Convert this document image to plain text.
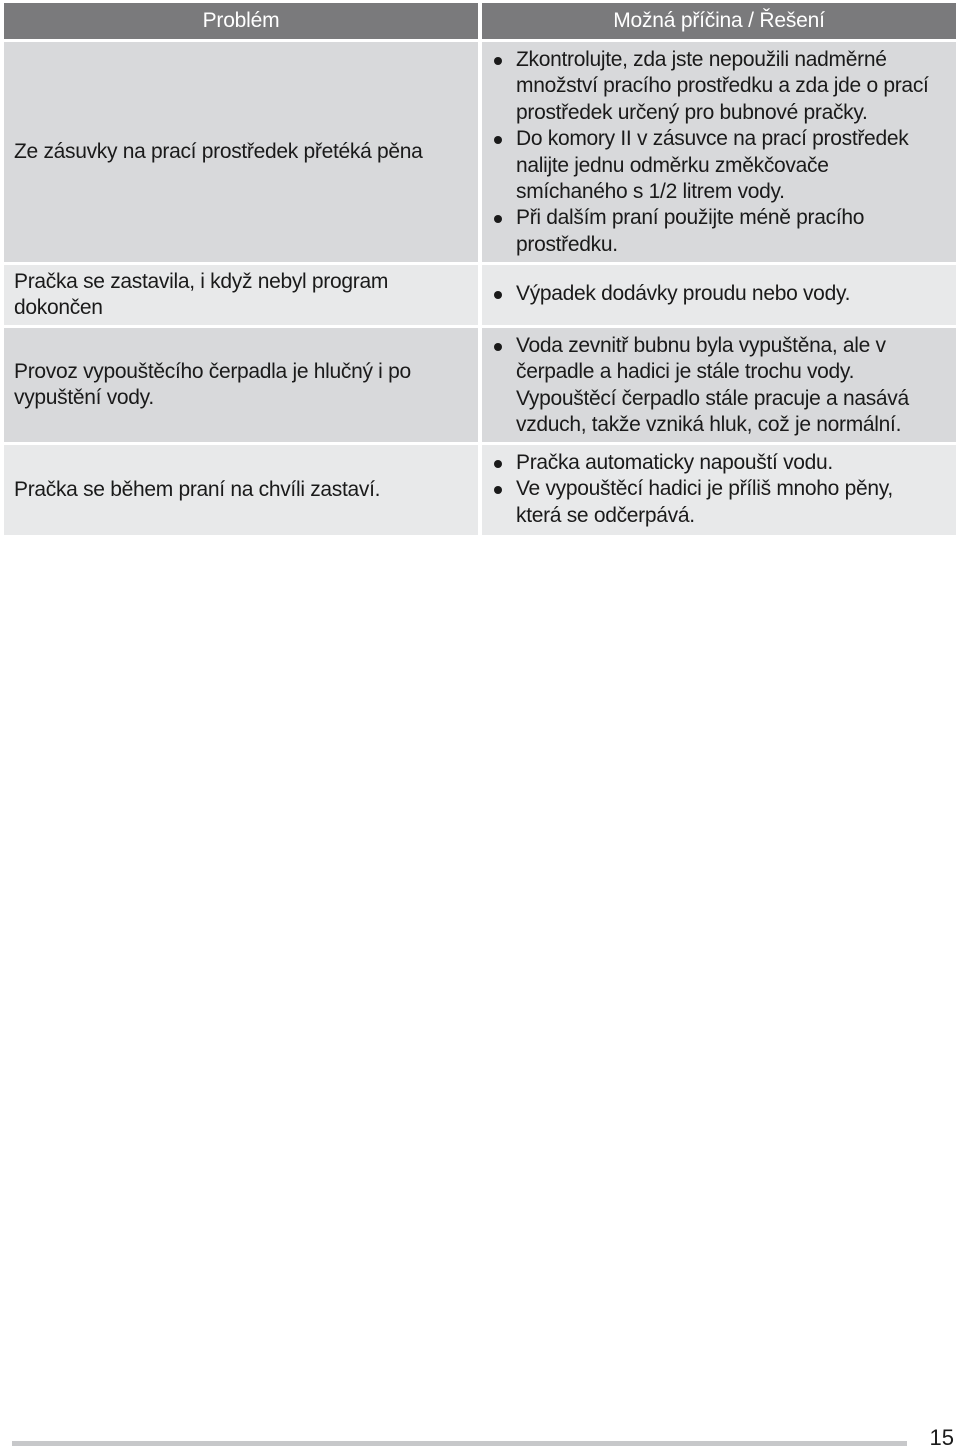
Problém	Možná příčina / Řešení
Ze zásuvky na prací prostředek přetéká pěna
Zkontrolujte, zda jste nepoužili nadměrné množství pracího prostředku a zda jde o prací prostředek určený pro bubnové pračky.
Do komory II v zásuvce na prací prostředek nalijte jednu odměrku změkčovače smíchaného s 1/2 litrem vody.
Při dalším praní použijte méně pracího prostředku.
Pračka se zastavila, i když nebyl program dokončen
Výpadek dodávky proudu nebo vody.
Provoz vypouštěcího čerpadla je hlučný i po vypuštění vody.
Voda zevnitř bubnu byla vypuštěna, ale v čerpadle a hadici je stále trochu vody. Vypouštěcí čerpadlo stále pracuje a nasává vzduch, takže vzniká hluk, což je normální.
Pračka se během praní na chvíli zastaví.
Pračka automaticky napouští vodu.
Ve vypouštěcí hadici je příliš mnoho pěny, která se odčerpává.
15
